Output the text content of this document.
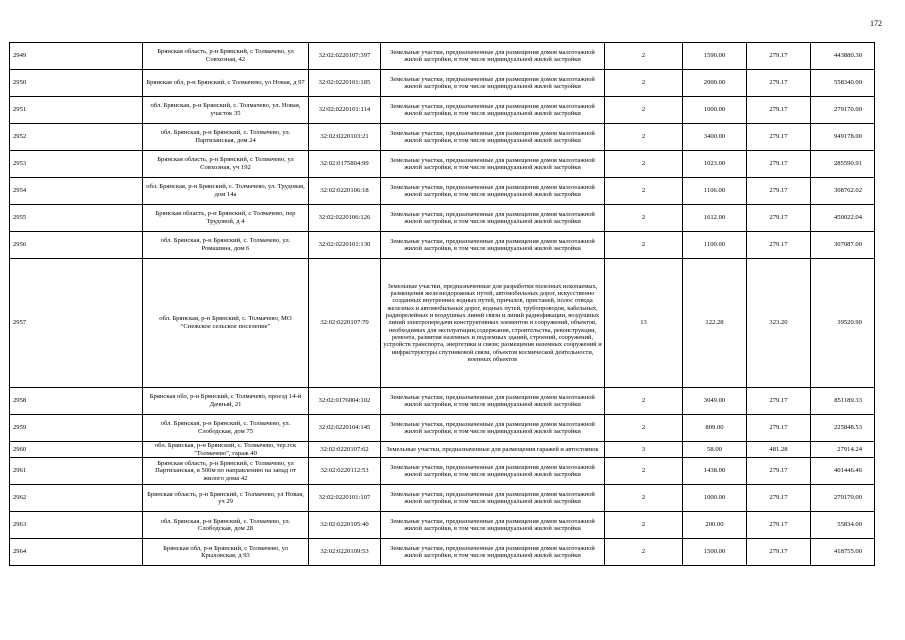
172
2949	Брянская область, р-н Брянский, с Толмачево, ул Совхозная, 42	32:02:0220107:397	Земельные участки, предназначенные для размещения домов малоэтажной жилой застройки, в том числе индивидуальной жилой застройки	2	1590.00	279.17	443880.30
2950	Брянская обл, р-н Брянский, с Толмачево, ул Новая, д 97	32:02:0220101:185	Земельные участки, предназначенные для размещения домов малоэтажной жилой застройки, в том числе индивидуальной жилой застройки	2	2000.00	279.17	558340.00
2951	обл. Брянская, р-н Брянский, с. Толмачево, ул. Новая, участок 35	32:02:0220101:114	Земельные участки, предназначенные для размещения домов малоэтажной жилой застройки, в том числе индивидуальной жилой застройки	2	1000.00	279.17	279170.00
2952	обл. Брянская, р-н Брянский, с. Толмачево, ул. Партизанская, дом 24	32:02:0220103:21	Земельные участки, предназначенные для размещения домов малоэтажной жилой застройки, в том числе индивидуальной жилой застройки	2	3400.00	279.17	949178.00
2953	Брянская область, р-н Брянский, с Толмачево, ул Совхозная, уч 192	32:02:0175804:99	Земельные участки, предназначенные для размещения домов малоэтажной жилой застройки, в том числе индивидуальной жилой застройки	2	1023.00	279.17	285590.91
2954	обл. Брянская, р-н Брянский, с. Толмачево, ул. Трудовая, дом 14а	32:02:0220106:18	Земельные участки, предназначенные для размещения домов малоэтажной жилой застройки, в том числе индивидуальной жилой застройки	2	1106.00	279.17	308762.02
2955	Брянская область, р-н Брянский, с Толмачево, пер Трудовой, д 4	32:02:0220106:126	Земельные участки, предназначенные для размещения домов малоэтажной жилой застройки, в том числе индивидуальной жилой застройки	2	1612.00	279.17	450022.04
2956	обл. Брянская, р-н Брянский, с. Толмачево, ул. Ромашина, дом 6	32:02:0220101:130	Земельные участки, предназначенные для размещения домов малоэтажной жилой застройки, в том числе индивидуальной жилой застройки	2	1100.00	279.17	307087.00
2957	обл. Брянская, р-н Брянский, с. Толмачево, МО "Снежское сельское поселение"	32:02:0220107:70	Земельные участки, предназначенные для разработки полезных ископаемых, размещения железнодорожных путей, автомобильных дорог, искусственно созданных внутренних водных путей, причалов, пристаней, полос отвода железных и автомобильных дорог, водных путей, трубопроводов, кабельных, радиорелейных и воздушных линий связи и линий радиофикации, воздушных линий электропередачи конструктивных элементов и сооружений, объектов, необходимых для эксплуатации,содержания, строительства, реконструкции, ремонта, развития наземных и подземных зданий, строений, сооружений, устройств транспорта, энергетики и связи; размещения наземных сооружений и инфраструктуры спутниковой связи, объектов космической деятельности, военных объектов	13	122.28	323.20	39520.90
2958	Брянская обл, р-н Брянский, с Толмачево, проезд 14-й Дачный, 21	32:02:0176004:102	Земельные участки, предназначенные для размещения домов малоэтажной жилой застройки, в том числе индивидуальной жилой застройки	2	3049.00	279.17	851189.33
2959	обл. Брянская, р-н Брянский, с. Толмачево, ул. Слободская, дом 75	32:02:0220104:145	Земельные участки, предназначенные для размещения домов малоэтажной жилой застройки, в том числе индивидуальной жилой застройки	2	809.00	279.17	225848.53
2960	обл. Брянская, р-н Брянский, с. Толмачево, тер.гск "Толмачево", гараж 40	32:02:0220107:62	Земельные участки, предназначенные для размещения гаражей и автостоянок	3	58.00	481.28	27914.24
2961	Брянская область, р-н Брянский, с Толмачево, ул Партизанская, в 500м по направлению на запад от жилого дома 42	32:02:0220112:53	Земельные участки, предназначенные для размещения домов малоэтажной жилой застройки, в том числе индивидуальной жилой застройки	2	1438.00	279.17	401446.46
2962	Брянская область, р-н Брянский, с Толмачево, ул Новая, уч 29	32:02:0220101:107	Земельные участки, предназначенные для размещения домов малоэтажной жилой застройки, в том числе индивидуальной жилой застройки	2	1000.00	279.17	279170.00
2963	обл. Брянская, р-н Брянский, с. Толмачево, ул. Слободская, дом 28	32:02:0220105:40	Земельные участки, предназначенные для размещения домов малоэтажной жилой застройки, в том числе индивидуальной жилой застройки	2	200.00	279.17	55834.00
2964	Брянская обл, р-н Брянский, с Толмачево, ул Крыловская, д 93	32:02:0220109:53	Земельные участки, предназначенные для размещения домов малоэтажной жилой застройки, в том числе индивидуальной жилой застройки	2	1500.00	279.17	418755.00
